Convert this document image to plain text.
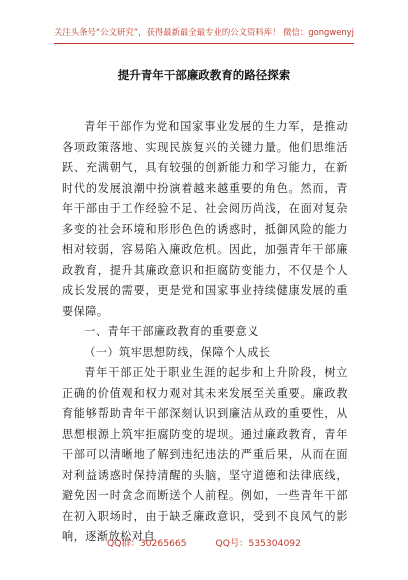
关注头条号“公文研究”，获得最新最全最专业的公文资料库！ 微信：gongwenyj
提升青年干部廉政教育的路径探索

青年干部作为党和国家事业发展的生力军，是推动各项政策落地、实现民族复兴的关键力量。他们思维活跃、充满朝气，具有较强的创新能力和学习能力，在新时代的发展浪潮中扮演着越来越重要的角色。然而，青年干部由于工作经验不足、社会阅历尚浅，在面对复杂多变的社会环境和形形色色的诱惑时，抵御风险的能力相对较弱，容易陷入廉政危机。因此，加强青年干部廉政教育，提升其廉政意识和拒腐防变能力，不仅是个人成长发展的需要，更是党和国家事业持续健康发展的重要保障。

一、青年干部廉政教育的重要意义

（一）筑牢思想防线，保障个人成长

青年干部正处于职业生涯的起步和上升阶段，树立正确的价值观和权力观对其未来发展至关重要。廉政教育能够帮助青年干部深刻认识到廉洁从政的重要性，从思想根源上筑牢拒腐防变的堤坝。通过廉政教育，青年干部可以清晰地了解到违纪违法的严重后果，从而在面对利益诱惑时保持清醒的头脑，坚守道德和法律底线，避免因一时贪念而断送个人前程。例如，一些青年干部在初入职场时，由于缺乏廉政意识，受到不良风气的影响，逐渐放松对自

QQ群：30265665	QQ号：535304092
